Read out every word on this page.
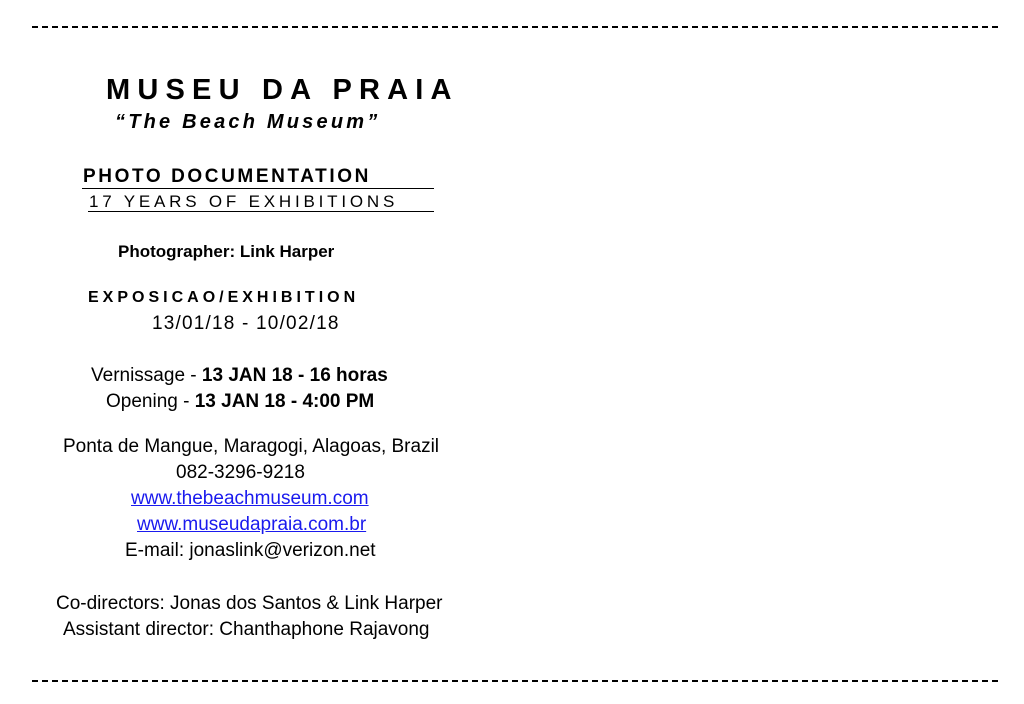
MUSEU DA PRAIA
“The Beach Museum”
PHOTO DOCUMENTATION
17 YEARS OF EXHIBITIONS
Photographer: Link Harper
EXPOSICAO/EXHIBITION
13/01/18 - 10/02/18
Vernissage - 13 JAN 18 - 16 horas
Opening - 13 JAN 18 - 4:00 PM
Ponta de Mangue, Maragogi, Alagoas, Brazil
082-3296-9218
www.thebeachmuseum.com
www.museudapraia.com.br
E-mail: jonaslink@verizon.net
Co-directors: Jonas dos Santos & Link Harper
Assistant director: Chanthaphone Rajavong
